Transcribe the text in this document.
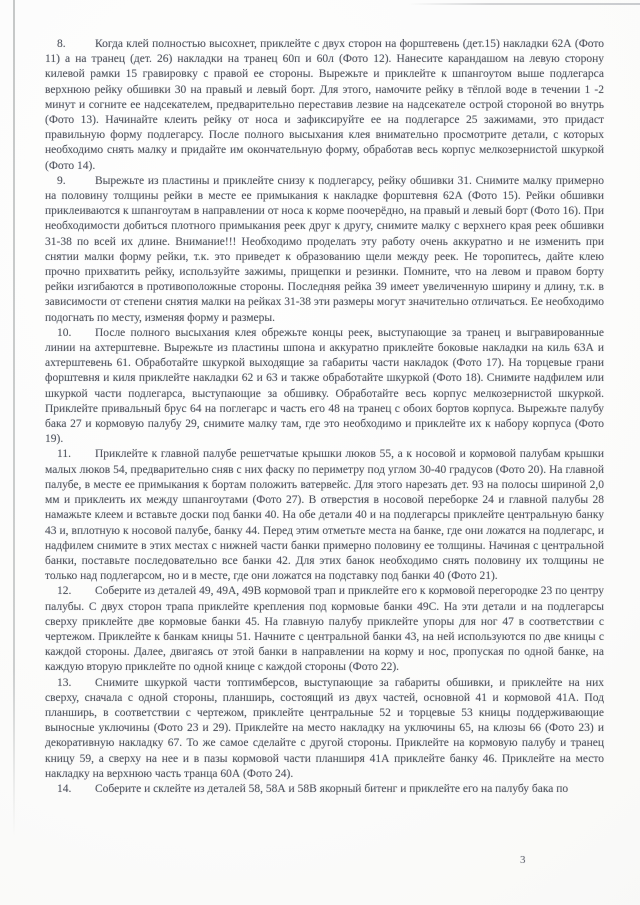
8.	Когда клей полностью высохнет, приклейте с двух сторон на форштевень (дет.15) накладки 62А (Фото 11) а на транец (дет. 26) накладки на транец 60п и 60л (Фото 12). Нанесите карандашом на левую сторону килевой рамки 15 гравировку с правой ее стороны. Вырежьте и приклейте к шпангоутом выше подлегарса верхнюю рейку обшивки 30 на правый и левый борт. Для этого, намочите рейку в тёплой воде в течении 1 -2 минут и согните ее надсекателем, предварительно переставив лезвие на надсекателе острой стороной во внутрь (Фото 13). Начинайте клеить рейку от носа и зафиксируйте ее на подлегарсе 25 зажимами, это придаст правильную форму подлегарсу. После полного высыхания клея внимательно просмотрите детали, с которых необходимо снять малку и придайте им окончательную форму, обработав весь корпус мелкозернистой шкуркой (Фото 14).

9.	Вырежьте из пластины и приклейте снизу к подлегарсу, рейку обшивки 31. Снимите малку примерно на половину толщины рейки в месте ее примыкания к накладке форштевня 62А (Фото 15). Рейки обшивки приклеиваются к шпангоутам в направлении от носа к корме поочерёдно, на правый и левый борт (Фото 16). При необходимости добиться плотного примыкания реек друг к другу, снимите малку с верхнего края реек обшивки 31-38 по всей их длине. Внимание!!! Необходимо проделать эту работу очень аккуратно и не изменить при снятии малки форму рейки, т.к. это приведет к образованию щели между реек. Не торопитесь, дайте клею прочно прихватить рейку, используйте зажимы, прищепки и резинки. Помните, что на левом и правом борту рейки изгибаются в противоположные стороны. Последняя рейка 39 имеет увеличенную ширину и длину, т.к. в зависимости от степени снятия малки на рейках 31-38 эти размеры могут значительно отличаться. Ее необходимо подогнать по месту, изменяя форму и размеры.

10. После полного высыхания клея обрежьте концы реек, выступающие за транец и выгравированные линии на ахтерштевне. Вырежьте из пластины шпона и аккуратно приклейте боковые накладки на киль 63А и ахтерштевень 61. Обработайте шкуркой выходящие за габариты части накладок (Фото 17). На торцевые грани форштевня и киля приклейте накладки 62 и 63 и также обработайте шкуркой (Фото 18). Снимите надфилем или шкуркой части подлегарса, выступающие за обшивку. Обработайте весь корпус мелкозернистой шкуркой. Приклейте привальный брус 64 на поглегарс и часть его 48 на транец с обоих бортов корпуса. Вырежьте палубу бака 27 и кормовую палубу 29, снимите малку там, где это необходимо и приклейте их к набору корпуса (Фото 19).

11. Приклейте к главной палубе решетчатые крышки люков 55, а к носовой и кормовой палубам крышки малых люков 54, предварительно сняв с них фаску по периметру под углом 30-40 градусов (Фото 20). На главной палубе, в месте ее примыкания к бортам положить ватервейс. Для этого нарезать дет. 93 на полосы шириной 2,0 мм и приклеить их между шпангоутами (Фото 27). В отверстия в носовой переборке 24 и главной палубы 28 намажьте клеем и вставьте доски под банки 40. На обе детали 40 и на подлегарсы приклейте центральную банку 43 и, вплотную к носовой палубе, банку 44. Перед этим отметьте места на банке, где они ложатся на подлегарс, и надфилем снимите в этих местах с нижней части банки примерно половину ее толщины. Начиная с центральной банки, поставьте последовательно все банки 42. Для этих банок необходимо снять половину их толщины не только над подлегарсом, но и в месте, где они ложатся на подставку под банки 40 (Фото 21).

12. Соберите из деталей 49, 49А, 49В кормовой трап и приклейте его к кормовой перегородке 23 по центру палубы. С двух сторон трапа приклейте крепления под кормовые банки 49С. На эти детали и на подлегарсы сверху приклейте две кормовые банки 45. На главную палубу приклейте упоры для ног 47 в соответствии с чертежом. Приклейте к банкам кницы 51. Начните с центральной банки 43, на ней используются по две кницы с каждой стороны. Далее, двигаясь от этой банки в направлении на корму и нос, пропуская по одной банке, на каждую вторую приклейте по одной книце с каждой стороны (Фото 22).

13. Снимите шкуркой части топтимберсов, выступающие за габариты обшивки, и приклейте на них сверху, сначала с одной стороны, планширь, состоящий из двух частей, основной 41 и кормовой 41А. Под планширь, в соответствии с чертежом, приклейте центральные 52 и торцевые 53 кницы поддерживающие выносные уключины (Фото 23 и 29). Приклейте на место накладку на уключины 65, на клюзы 66 (Фото 23) и декоративную накладку 67. То же самое сделайте с другой стороны. Приклейте на кормовую палубу и транец кницу 59, а сверху на нее и в пазы кормовой части планширя 41А приклейте банку 46. Приклейте на место накладку на верхнюю часть транца 60А (Фото 24).

14. Соберите и склейте из деталей 58, 58А и 58В якорный битенг и приклейте его на палубу бака по

3
